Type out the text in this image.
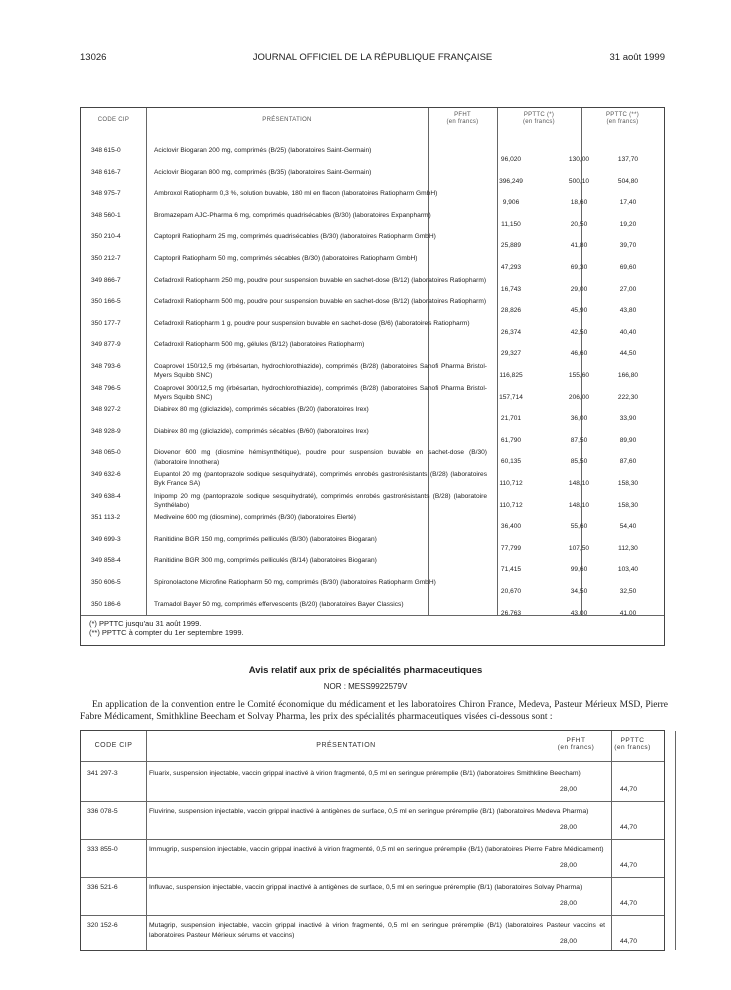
13026	JOURNAL OFFICIEL DE LA RÉPUBLIQUE FRANÇAISE	31 août 1999
CODE CIP	PRÉSENTATION
PFHT
(en francs)
PPTTC (*)
(en francs)
PPTTC (**)
(en francs)
348 615-0	Aciclovir Biogaran 200 mg, comprimés (B/25) (laboratoires Saint-Germain)
96,020	130,00	137,70
348 616-7	Aciclovir Biogaran 800 mg, comprimés (B/35) (laboratoires Saint-Germain)
396,249	500,10	504,80
348 975-7	Ambroxol Ratiopharm 0,3 %, solution buvable, 180 ml en flacon (laboratoires Ratiopharm GmbH)
9,906	18,60	17,40
348 560-1	Bromazepam AJC-Pharma 6 mg, comprimés quadrisécables (B/30) (laboratoires Expanpharm)
11,150	20,50	19,20
350 210-4	Captopril Ratiopharm 25 mg, comprimés quadrisécables (B/30) (laboratoires Ratiopharm GmbH)
25,889	41,80	39,70
350 212-7	Captopril Ratiopharm 50 mg, comprimés sécables (B/30) (laboratoires Ratiopharm GmbH)
47,293	69,30	69,60
349 866-7	Cefadroxil Ratiopharm 250 mg, poudre pour suspension buvable en sachet-dose (B/12) (laboratoires Ratiopharm)
16,743	29,00	27,00
350 166-5	Cefadroxil Ratiopharm 500 mg, poudre pour suspension buvable en sachet-dose (B/12) (laboratoires Ratiopharm)
28,826	45,90	43,80
350 177-7	Cefadroxil Ratiopharm 1 g, poudre pour suspension buvable en sachet-dose (B/6) (laboratoires Ratiopharm)
26,374	42,50	40,40
349 877-9	Cefadroxil Ratiopharm 500 mg, gélules (B/12) (laboratoires Ratiopharm)
29,327	46,60	44,50
348 793-6	Coaprovel 150/12,5 mg (irbésartan, hydrochlorothiazide), comprimés (B/28) (laboratoires Sanofi Pharma Bristol-Myers Squibb SNC)	116,825	155,60	166,80
348 796-5	Coaprovel 300/12,5 mg (irbésartan, hydrochlorothiazide), comprimés (B/28) (laboratoires Sanofi Pharma Bristol-Myers Squibb SNC)	157,714	206,00	222,30
348 927-2	Diabirex 80 mg (gliclazide), comprimés sécables (B/20) (laboratoires Irex)
21,701	36,00	33,90
348 928-9	Diabirex 80 mg (gliclazide), comprimés sécables (B/60) (laboratoires Irex)
61,790	87,50	89,90
348 065-0	Diovenor 600 mg (diosmine hémisynthétique), poudre pour suspension buvable en sachet-dose (B/30) (laboratoire Innothera)	60,135	85,50	87,60
349 632-6	Eupantol 20 mg (pantoprazole sodique sesquihydraté), comprimés enrobés gastrorésistants (B/28) (laboratoires Byk France SA)	110,712	148,10	158,30
349 638-4	Inipomp 20 mg (pantoprazole sodique sesquihydraté), comprimés enrobés gastrorésistants (B/28) (laboratoire Synthélabo)	110,712	148,10	158,30
351 113-2	Mediveine 600 mg (diosmine), comprimés (B/30) (laboratoires Elerté)
36,400	55,60	54,40
349 699-3	Ranitidine BGR 150 mg, comprimés pelliculés (B/30) (laboratoires Biogaran)
77,799	107,50	112,30
349 858-4	Ranitidine BGR 300 mg, comprimés pelliculés (B/14) (laboratoires Biogaran)
71,415	99,60	103,40
350 606-5	Spironolactone Microfine Ratiopharm 50 mg, comprimés (B/30) (laboratoires Ratiopharm GmbH)
20,670	34,50	32,50
350 186-6	Tramadol Bayer 50 mg, comprimés effervescents (B/20) (laboratoires Bayer Classics)
26,763	43,00	41,00
(*) PPTTC jusqu'au 31 août 1999.
(**) PPTTC à compter du 1er septembre 1999.
Avis relatif aux prix de spécialités pharmaceutiques
NOR : MESS9922579V
En application de la convention entre le Comité économique du médicament et les laboratoires Chiron France, Medeva, Pasteur Mérieux MSD, Pierre Fabre Médicament, Smithkline Beecham et Solvay Pharma, les prix des spécialités pharmaceutiques visées ci-dessous sont :
CODE CIP	PRÉSENTATION
PFHT
(en francs)
PPTTC
(en francs)
341 297-3	Fluarix, suspension injectable, vaccin grippal inactivé à virion fragmenté, 0,5 ml en seringue préremplie (B/1) (laboratoires Smithkline Beecham)
28,00	44,70
336 078-5	Fluvirine, suspension injectable, vaccin grippal inactivé à antigènes de surface, 0,5 ml en seringue préremplie (B/1) (laboratoires Medeva Pharma)
28,00	44,70
333 855-0	Immugrip, suspension injectable, vaccin grippal inactivé à virion fragmenté, 0,5 ml en seringue préremplie (B/1) (laboratoires Pierre Fabre Médicament)
28,00	44,70
336 521-6	Influvac, suspension injectable, vaccin grippal inactivé à antigènes de surface, 0,5 ml en seringue préremplie (B/1) (laboratoires Solvay Pharma)
28,00	44,70
320 152-6	Mutagrip, suspension injectable, vaccin grippal inactivé à virion fragmenté, 0,5 ml en seringue préremplie (B/1) (laboratoires Pasteur vaccins et laboratoires Pasteur Mérieux sérums et vaccins)
28,00	44,70
